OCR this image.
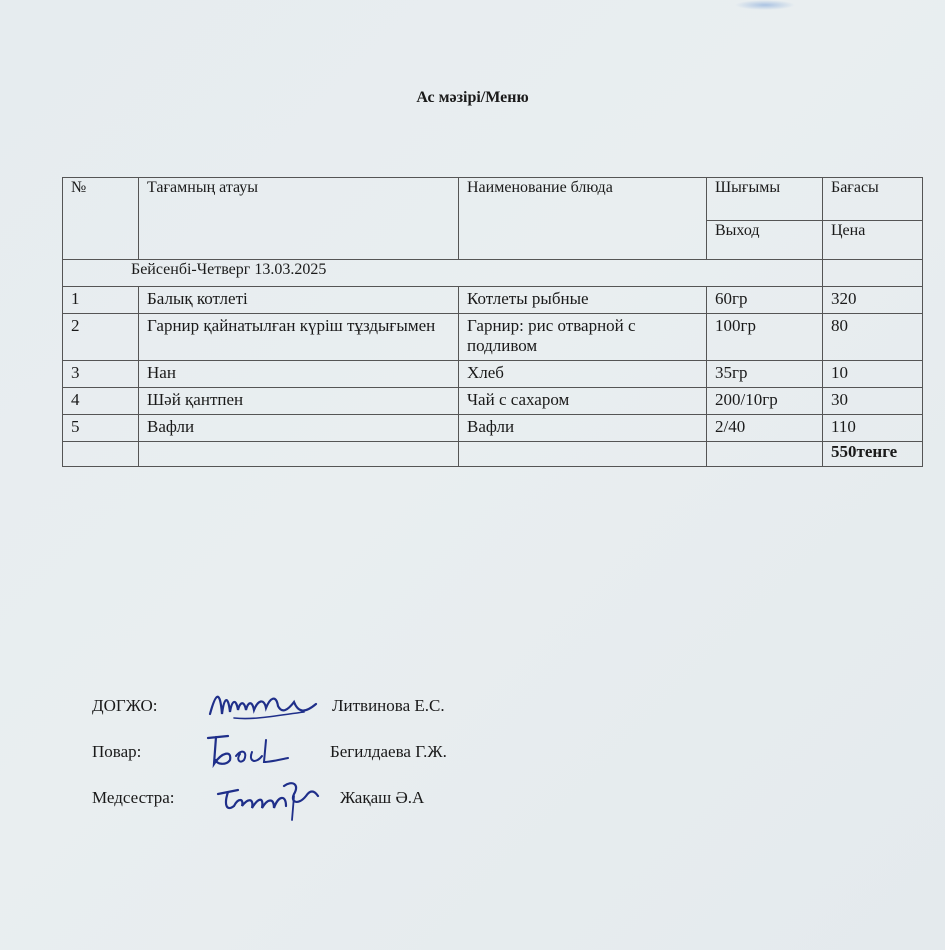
Ас мәзірі/Меню
№	Тағамның атауы	Наименование блюда	Шығымы	Бағасы
			Выход	Цена
Бейсенбі-Четверг 13.03.2025				
1	Балық котлеті	Котлеты рыбные	60гр	320
2	Гарнир қайнатылған күріш тұздығымен	Гарнир: рис отварной с подливом	100гр	80
3	Нан	Хлеб	35гр	10
4	Шәй қантпен	Чай с сахаром	200/10гр	30
5	Вафли	Вафли	2/40	110
				550тенге
ДОГЖО:	Литвинова Е.С.
Повар:	Бегилдаева Г.Ж.
Медсестра:	Жақаш Ә.А
